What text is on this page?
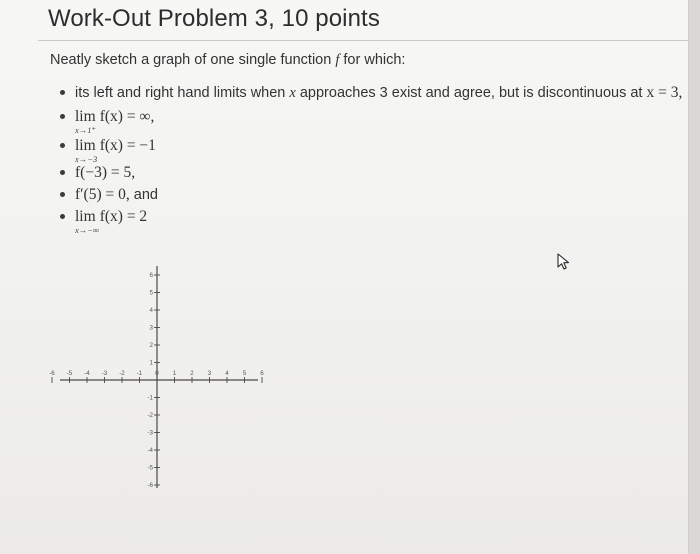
Work-Out Problem 3, 10 points
Neatly sketch a graph of one single function f for which:
its left and right hand limits when x approaches 3 exist and agree, but is discontinuous at x = 3,
lim
x→1⁺
f(x) = ∞,
lim
x→−3
f(x) = −1
f(−3) = 5,
f′(5) = 0, and
lim
x→−∞
f(x) = 2
-6 -5 -4 -3 -2 -1 0 1 2 3 4 5 6
6
5
4
3
2
1
-1
-2
-3
-4
-5
-6
